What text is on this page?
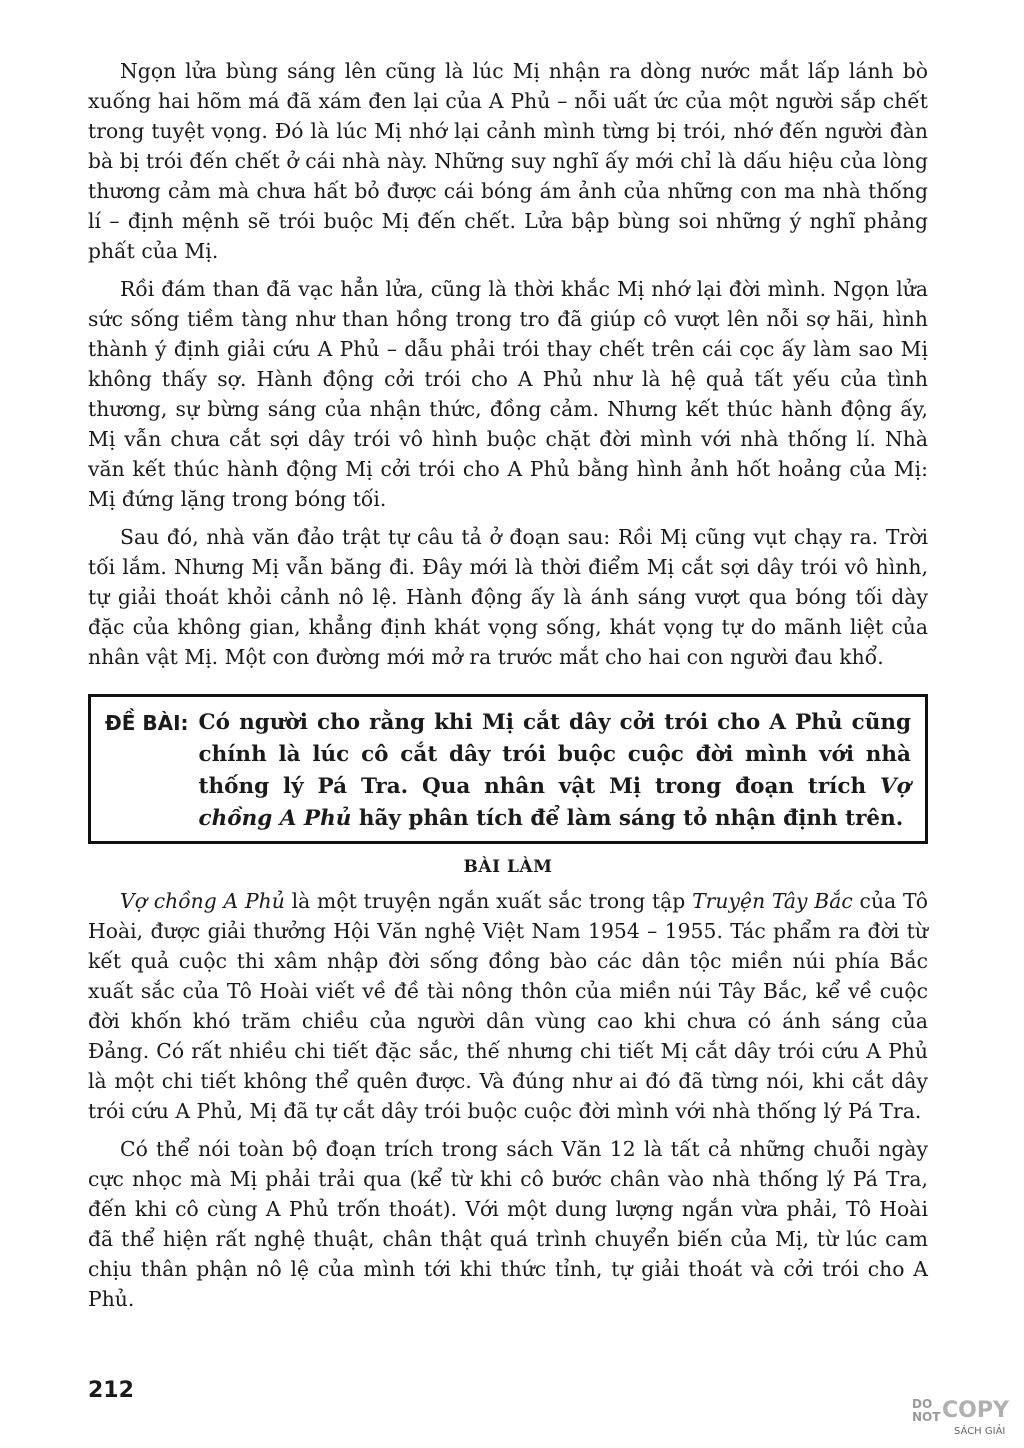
Ngọn lửa bùng sáng lên cũng là lúc Mị nhận ra dòng nước mắt lấp lánh bò xuống hai hõm má đã xám đen lại của A Phủ – nỗi uất ức của một người sắp chết trong tuyệt vọng. Đó là lúc Mị nhớ lại cảnh mình từng bị trói, nhớ đến người đàn bà bị trói đến chết ở cái nhà này. Những suy nghĩ ấy mới chỉ là dấu hiệu của lòng thương cảm mà chưa hất bỏ được cái bóng ám ảnh của những con ma nhà thống lí – định mệnh sẽ trói buộc Mị đến chết. Lửa bập bùng soi những ý nghĩ phảng phất của Mị.

Rồi đám than đã vạc hẳn lửa, cũng là thời khắc Mị nhớ lại đời mình. Ngọn lửa sức sống tiềm tàng như than hồng trong tro đã giúp cô vượt lên nỗi sợ hãi, hình thành ý định giải cứu A Phủ – dẫu phải trói thay chết trên cái cọc ấy làm sao Mị không thấy sợ. Hành động cởi trói cho A Phủ như là hệ quả tất yếu của tình thương, sự bừng sáng của nhận thức, đồng cảm. Nhưng kết thúc hành động ấy, Mị vẫn chưa cắt sợi dây trói vô hình buộc chặt đời mình với nhà thống lí. Nhà văn kết thúc hành động Mị cởi trói cho A Phủ bằng hình ảnh hốt hoảng của Mị: Mị đứng lặng trong bóng tối.

Sau đó, nhà văn đảo trật tự câu tả ở đoạn sau: Rồi Mị cũng vụt chạy ra. Trời tối lắm. Nhưng Mị vẫn băng đi. Đây mới là thời điểm Mị cắt sợi dây trói vô hình, tự giải thoát khỏi cảnh nô lệ. Hành động ấy là ánh sáng vượt qua bóng tối dày đặc của không gian, khẳng định khát vọng sống, khát vọng tự do mãnh liệt của nhân vật Mị. Một con đường mới mở ra trước mắt cho hai con người đau khổ.

ĐỀ BÀI: Có người cho rằng khi Mị cắt dây cởi trói cho A Phủ cũng chính là lúc cô cắt dây trói buộc cuộc đời mình với nhà thống lý Pá Tra. Qua nhân vật Mị trong đoạn trích Vợ chồng A Phủ hãy phân tích để làm sáng tỏ nhận định trên.
BÀI LÀM

Vợ chồng A Phủ là một truyện ngắn xuất sắc trong tập Truyện Tây Bắc của Tô Hoài, được giải thưởng Hội Văn nghệ Việt Nam 1954 – 1955. Tác phẩm ra đời từ kết quả cuộc thi xâm nhập đời sống đồng bào các dân tộc miền núi phía Bắc xuất sắc của Tô Hoài viết về đề tài nông thôn của miền núi Tây Bắc, kể về cuộc đời khốn khó trăm chiều của người dân vùng cao khi chưa có ánh sáng của Đảng. Có rất nhiều chi tiết đặc sắc, thế nhưng chi tiết Mị cắt dây trói cứu A Phủ là một chi tiết không thể quên được. Và đúng như ai đó đã từng nói, khi cắt dây trói cứu A Phủ, Mị đã tự cắt dây trói buộc cuộc đời mình với nhà thống lý Pá Tra.

Có thể nói toàn bộ đoạn trích trong sách Văn 12 là tất cả những chuỗi ngày cực nhọc mà Mị phải trải qua (kể từ khi cô bước chân vào nhà thống lý Pá Tra, đến khi cô cùng A Phủ trốn thoát). Với một dung lượng ngắn vừa phải, Tô Hoài đã thể hiện rất nghệ thuật, chân thật quá trình chuyển biến của Mị, từ lúc cam chịu thân phận nô lệ của mình tới khi thức tỉnh, tự giải thoát và cởi trói cho A Phủ.

212
DO
NOT COPY
SÁCH GIẢI
